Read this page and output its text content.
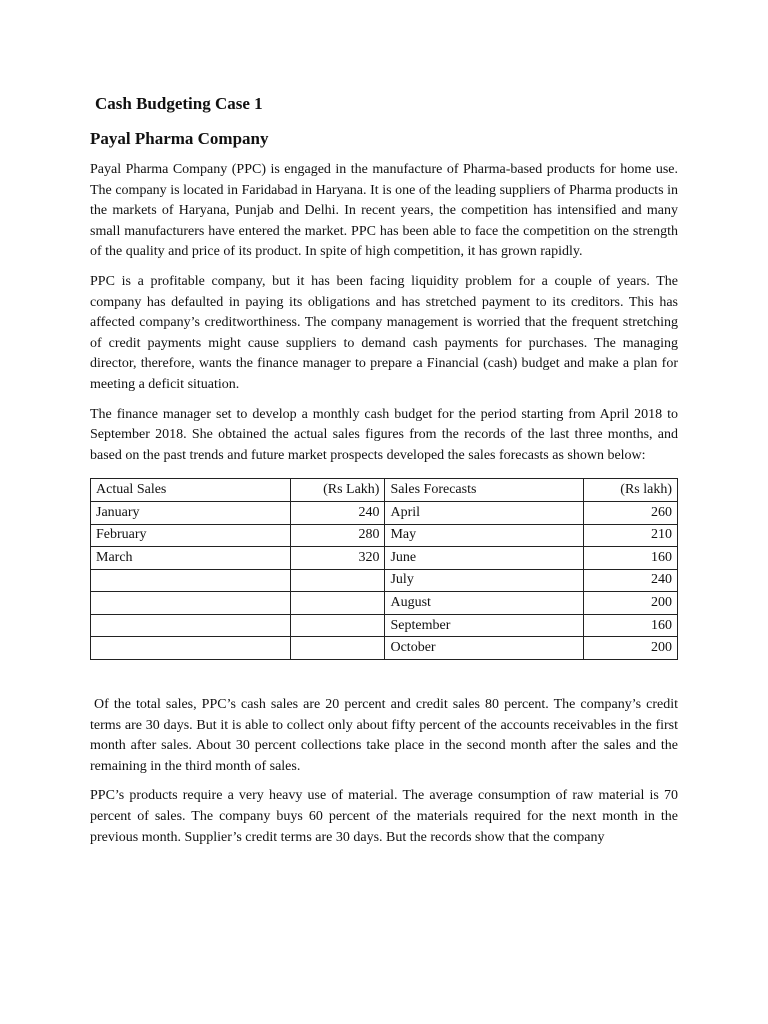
Cash Budgeting Case 1
Payal Pharma Company

Payal Pharma Company (PPC) is engaged in the manufacture of Pharma-based products for home use. The company is located in Faridabad in Haryana. It is one of the leading suppliers of Pharma products in the markets of Haryana, Punjab and Delhi. In recent years, the competition has intensified and many small manufacturers have entered the market. PPC has been able to face the competition on the strength of the quality and price of its product. In spite of high competition, it has grown rapidly.

PPC is a profitable company, but it has been facing liquidity problem for a couple of years. The company has defaulted in paying its obligations and has stretched payment to its creditors. This has affected company’s creditworthiness. The company management is worried that the frequent stretching of credit payments might cause suppliers to demand cash payments for purchases. The managing director, therefore, wants the finance manager to prepare a Financial (cash) budget and make a plan for meeting a deficit situation.

The finance manager set to develop a monthly cash budget for the period starting from April 2018 to September 2018. She obtained the actual sales figures from the records of the last three months, and based on the past trends and future market prospects developed the sales forecasts as shown below:

Actual Sales	(Rs Lakh)	Sales Forecasts	(Rs lakh)
January	240	April	260
February	280	May	210
March	320	June	160
		July	240
		August	200
		September	160
		October	200

Of the total sales, PPC’s cash sales are 20 percent and credit sales 80 percent. The company’s credit terms are 30 days. But it is able to collect only about fifty percent of the accounts receivables in the first month after sales. About 30 percent collections take place in the second month after the sales and the remaining in the third month of sales.

PPC’s products require a very heavy use of material. The average consumption of raw material is 70 percent of sales. The company buys 60 percent of the materials required for the next month in the previous month. Supplier’s credit terms are 30 days. But the records show that the company
